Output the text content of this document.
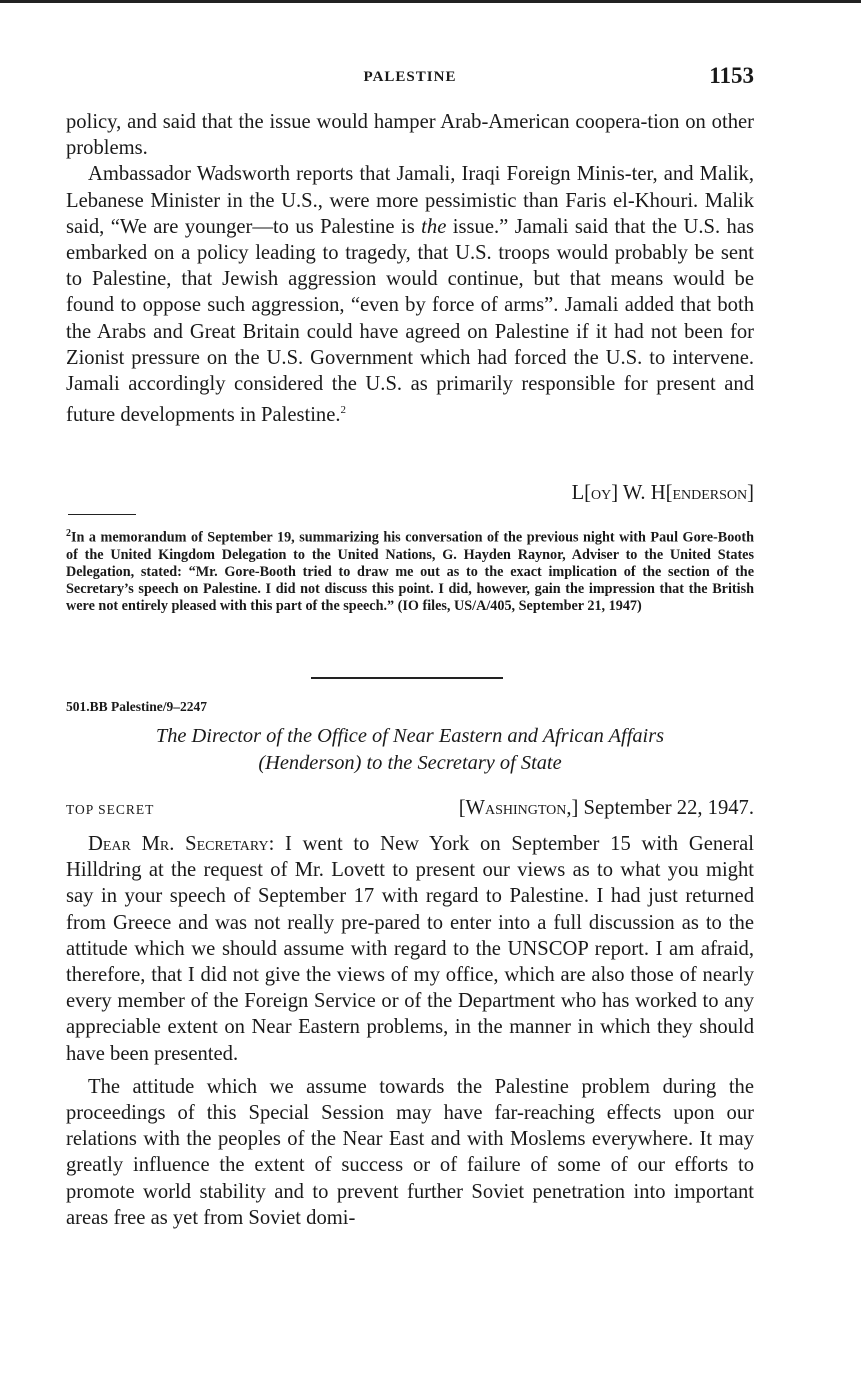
PALESTINE	1153

policy, and said that the issue would hamper Arab-American coopera-tion on other problems.

Ambassador Wadsworth reports that Jamali, Iraqi Foreign Minis-ter, and Malik, Lebanese Minister in the U.S., were more pessimistic than Faris el-Khouri. Malik said, “We are younger—to us Palestine is the issue.” Jamali said that the U.S. has embarked on a policy leading to tragedy, that U.S. troops would probably be sent to Palestine, that Jewish aggression would continue, but that means would be found to oppose such aggression, “even by force of arms”. Jamali added that both the Arabs and Great Britain could have agreed on Palestine if it had not been for Zionist pressure on the U.S. Government which had forced the U.S. to intervene. Jamali accordingly considered the U.S. as primarily responsible for present and future developments in Palestine.$^2$

L[oy] W. H[enderson]
$^2$In a memorandum of September 19, summarizing his conversation of the previous night with Paul Gore-Booth of the United Kingdom Delegation to the United Nations, G. Hayden Raynor, Adviser to the United States Delegation, stated: “Mr. Gore-Booth tried to draw me out as to the exact implication of the section of the Secretary’s speech on Palestine. I did not discuss this point. I did, however, gain the impression that the British were not entirely pleased with this part of the speech.” (IO files, US/A/405, September 21, 1947)
501.BB Palestine/9–2247
The Director of the Office of Near Eastern and African Affairs
(Henderson) to the Secretary of State
TOP SECRET	[Washington,] September 22, 1947.

Dear Mr. Secretary: I went to New York on September 15 with General Hilldring at the request of Mr. Lovett to present our views as to what you might say in your speech of September 17 with regard to Palestine. I had just returned from Greece and was not really pre-pared to enter into a full discussion as to the attitude which we should assume with regard to the UNSCOP report. I am afraid, therefore, that I did not give the views of my office, which are also those of nearly every member of the Foreign Service or of the Department who has worked to any appreciable extent on Near Eastern problems, in the manner in which they should have been presented.

The attitude which we assume towards the Palestine problem during the proceedings of this Special Session may have far-reaching effects upon our relations with the peoples of the Near East and with Moslems everywhere. It may greatly influence the extent of success or of failure of some of our efforts to promote world stability and to prevent further Soviet penetration into important areas free as yet from Soviet domi-
